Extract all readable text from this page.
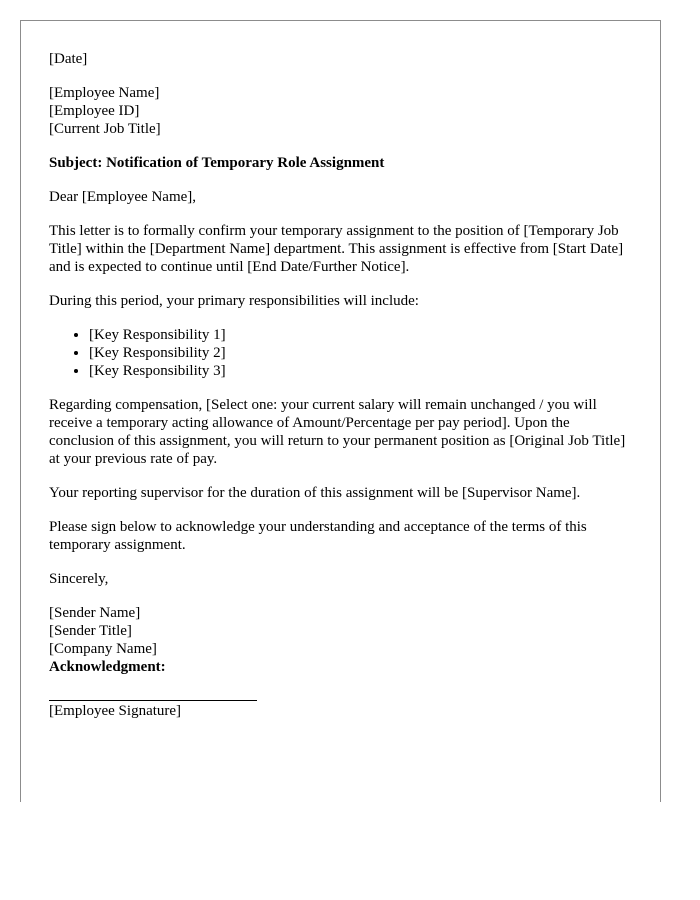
[Date]

[Employee Name]
[Employee ID]
[Current Job Title]

Subject: Notification of Temporary Role Assignment

Dear [Employee Name],

This letter is to formally confirm your temporary assignment to the position of [Temporary Job Title] within the [Department Name] department. This assignment is effective from [Start Date] and is expected to continue until [End Date/Further Notice].

During this period, your primary responsibilities will include:

• [Key Responsibility 1]
• [Key Responsibility 2]
• [Key Responsibility 3]

Regarding compensation, [Select one: your current salary will remain unchanged / you will receive a temporary acting allowance of Amount/Percentage per pay period]. Upon the conclusion of this assignment, you will return to your permanent position as [Original Job Title] at your previous rate of pay.

Your reporting supervisor for the duration of this assignment will be [Supervisor Name].

Please sign below to acknowledge your understanding and acceptance of the terms of this temporary assignment.

Sincerely,

[Sender Name]
[Sender Title]
[Company Name]

Acknowledgment:

[Employee Signature]
